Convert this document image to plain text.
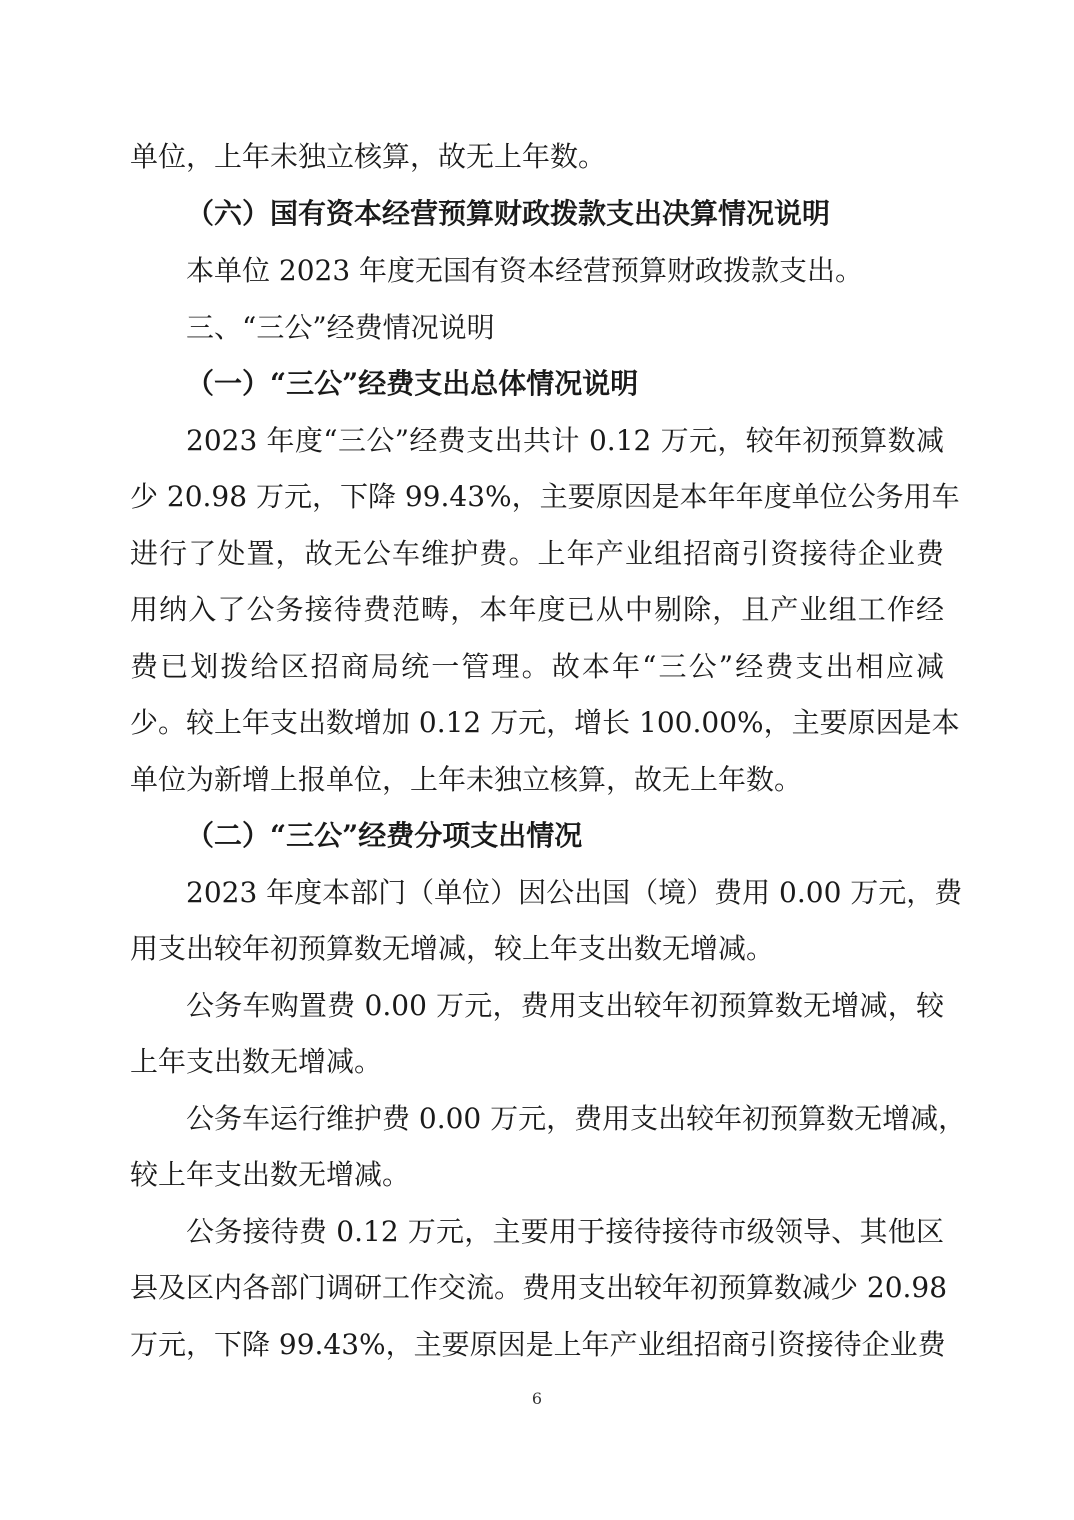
单位，上年未独立核算，故无上年数。
（六）国有资本经营预算财政拨款支出决算情况说明
本单位 2023 年度无国有资本经营预算财政拨款支出。
三、“三公”经费情况说明
（一）“三公”经费支出总体情况说明
2023 年度“三公”经费支出共计 0.12 万元，较年初预算数减
少 20.98 万元，下降 99.43%，主要原因是本年年度单位公务用车
进行了处置，故无公车维护费。上年产业组招商引资接待企业费
用纳入了公务接待费范畴，本年度已从中剔除，且产业组工作经
费已划拨给区招商局统一管理。故本年“三公”经费支出相应减
少。较上年支出数增加 0.12 万元，增长 100.00%，主要原因是本
单位为新增上报单位，上年未独立核算，故无上年数。
（二）“三公”经费分项支出情况
2023 年度本部门（单位）因公出国（境）费用 0.00 万元，费
用支出较年初预算数无增减，较上年支出数无增减。
公务车购置费 0.00 万元，费用支出较年初预算数无增减，较
上年支出数无增减。
公务车运行维护费 0.00 万元，费用支出较年初预算数无增减，
较上年支出数无增减。
公务接待费 0.12 万元，主要用于接待接待市级领导、其他区
县及区内各部门调研工作交流。费用支出较年初预算数减少 20.98
万元，下降 99.43%，主要原因是上年产业组招商引资接待企业费
6
